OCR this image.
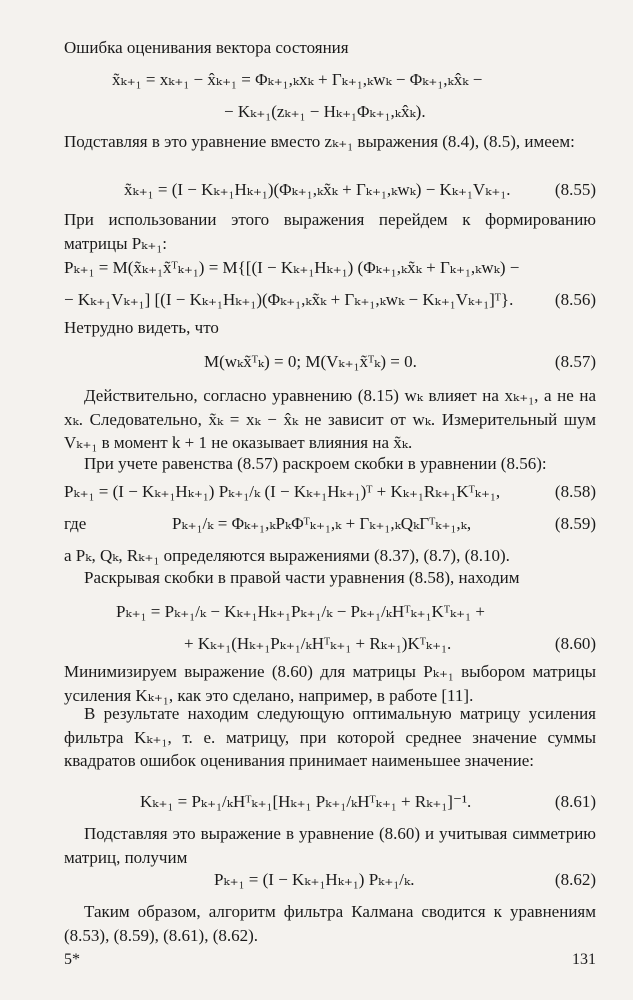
Ошибка оценивания вектора состояния
x̃ₖ₊₁ = xₖ₊₁ − x̂ₖ₊₁ = Φₖ₊₁,ₖxₖ + Γₖ₊₁,ₖwₖ − Φₖ₊₁,ₖx̂ₖ −
− Kₖ₊₁(zₖ₊₁ − Hₖ₊₁Φₖ₊₁,ₖx̂ₖ).
Подставляя в это уравнение вместо zₖ₊₁ выражения (8.4), (8.5), имеем:
x̃ₖ₊₁ = (I − Kₖ₊₁Hₖ₊₁)(Φₖ₊₁,ₖx̃ₖ + Γₖ₊₁,ₖwₖ) − Kₖ₊₁Vₖ₊₁.	(8.55)
При использовании этого выражения перейдем к формированию матрицы Pₖ₊₁:
Pₖ₊₁ = M(x̃ₖ₊₁x̃ᵀₖ₊₁) = M{[(I − Kₖ₊₁Hₖ₊₁) (Φₖ₊₁,ₖx̃ₖ + Γₖ₊₁,ₖwₖ) −
− Kₖ₊₁Vₖ₊₁] [(I − Kₖ₊₁Hₖ₊₁)(Φₖ₊₁,ₖx̃ₖ + Γₖ₊₁,ₖwₖ − Kₖ₊₁Vₖ₊₁]ᵀ}. (8.56)
Нетрудно видеть, что
M(wₖx̃ᵀₖ) = 0; M(Vₖ₊₁x̃ᵀₖ) = 0.	(8.57)
Действительно, согласно уравнению (8.15) wₖ влияет на xₖ₊₁, а не на xₖ. Следовательно, x̃ₖ = xₖ − x̂ₖ не зависит от wₖ. Измерительный шум Vₖ₊₁ в момент k + 1 не оказывает влияния на x̃ₖ.
При учете равенства (8.57) раскроем скобки в уравнении (8.56):
Pₖ₊₁ = (I − Kₖ₊₁Hₖ₊₁) Pₖ₊₁/ₖ (I − Kₖ₊₁Hₖ₊₁)ᵀ + Kₖ₊₁Rₖ₊₁Kᵀₖ₊₁,	(8.58)
где	Pₖ₊₁/ₖ = Φₖ₊₁,ₖPₖΦᵀₖ₊₁,ₖ + Γₖ₊₁,ₖQₖΓᵀₖ₊₁,ₖ,	(8.59)
а Pₖ, Qₖ, Rₖ₊₁ определяются выражениями (8.37), (8.7), (8.10).
Раскрывая скобки в правой части уравнения (8.58), находим
Pₖ₊₁ = Pₖ₊₁/ₖ − Kₖ₊₁Hₖ₊₁Pₖ₊₁/ₖ − Pₖ₊₁/ₖHᵀₖ₊₁Kᵀₖ₊₁ +
+ Kₖ₊₁(Hₖ₊₁Pₖ₊₁/ₖHᵀₖ₊₁ + Rₖ₊₁)Kᵀₖ₊₁.	(8.60)
Минимизируем выражение (8.60) для матрицы Pₖ₊₁ выбором матрицы усиления Kₖ₊₁, как это сделано, например, в работе [11].
В результате находим следующую оптимальную матрицу усиления фильтра Kₖ₊₁, т. е. матрицу, при которой среднее значение суммы квадратов ошибок оценивания принимает наименьшее значение:
Kₖ₊₁ = Pₖ₊₁/ₖHᵀₖ₊₁[Hₖ₊₁ Pₖ₊₁/ₖHᵀₖ₊₁ + Rₖ₊₁]⁻¹.	(8.61)
Подставляя это выражение в уравнение (8.60) и учитывая симметрию матриц, получим
Pₖ₊₁ = (I − Kₖ₊₁Hₖ₊₁) Pₖ₊₁/ₖ.	(8.62)
Таким образом, алгоритм фильтра Калмана сводится к уравнениям (8.53), (8.59), (8.61), (8.62).
5*	131
